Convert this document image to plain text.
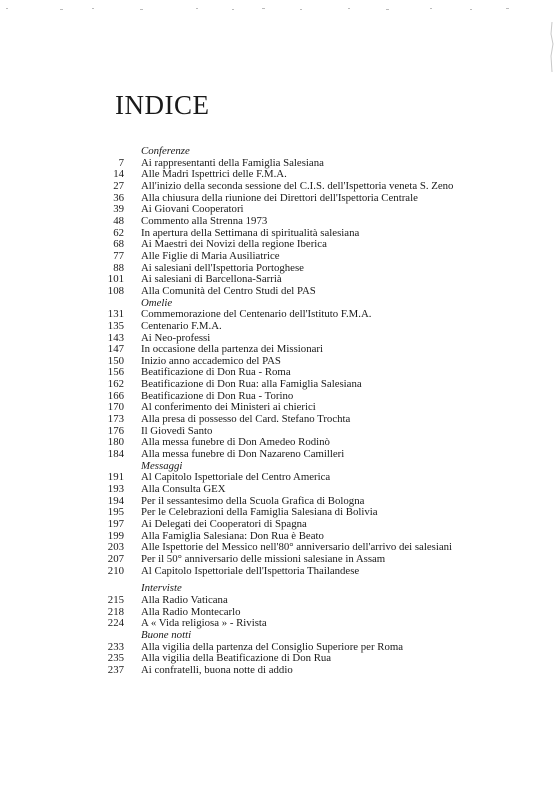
INDICE
Conferenze
7	Ai rappresentanti della Famiglia Salesiana
14	Alle Madri Ispettrici delle F.M.A.
27	All'inizio della seconda sessione del C.I.S. dell'Ispettoria veneta S. Zeno
36	Alla chiusura della riunione dei Direttori dell'Ispettoria Centrale
39	Ai Giovani Cooperatori
48	Commento alla Strenna 1973
62	In apertura della Settimana di spiritualità salesiana
68	Ai Maestri dei Novizi della regione Iberica
77	Alle Figlie di Maria Ausiliatrice
88	Ai salesiani dell'Ispettoria Portoghese
101	Ai salesiani di Barcellona-Sarrià
108	Alla Comunità del Centro Studi del PAS
Omelie
131	Commemorazione del Centenario dell'Istituto F.M.A.
135	Centenario F.M.A.
143	Ai Neo-professi
147	In occasione della partenza dei Missionari
150	Inizio anno accademico del PAS
156	Beatificazione di Don Rua - Roma
162	Beatificazione di Don Rua: alla Famiglia Salesiana
166	Beatificazione di Don Rua - Torino
170	Al conferimento dei Ministeri ai chierici
173	Alla presa di possesso del Card. Stefano Trochta
176	Il Giovedì Santo
180	Alla messa funebre di Don Amedeo Rodinò
184	Alla messa funebre di Don Nazareno Camilleri
Messaggi
191	Al Capitolo Ispettoriale del Centro America
193	Alla Consulta GEX
194	Per il sessantesimo della Scuola Grafica di Bologna
195	Per le Celebrazioni della Famiglia Salesiana di Bolivia
197	Ai Delegati dei Cooperatori di Spagna
199	Alla Famiglia Salesiana: Don Rua è Beato
203	Alle Ispettorie del Messico nell'80° anniversario dell'arrivo dei salesiani
207	Per il 50° anniversario delle missioni salesiane in Assam
210	Al Capitolo Ispettoriale dell'Ispettoria Thailandese
Interviste
215	Alla Radio Vaticana
218	Alla Radio Montecarlo
224	A « Vida religiosa » - Rivista
Buone notti
233	Alla vigilia della partenza del Consiglio Superiore per Roma
235	Alla vigilia della Beatificazione di Don Rua
237	Ai confratelli, buona notte di addio
